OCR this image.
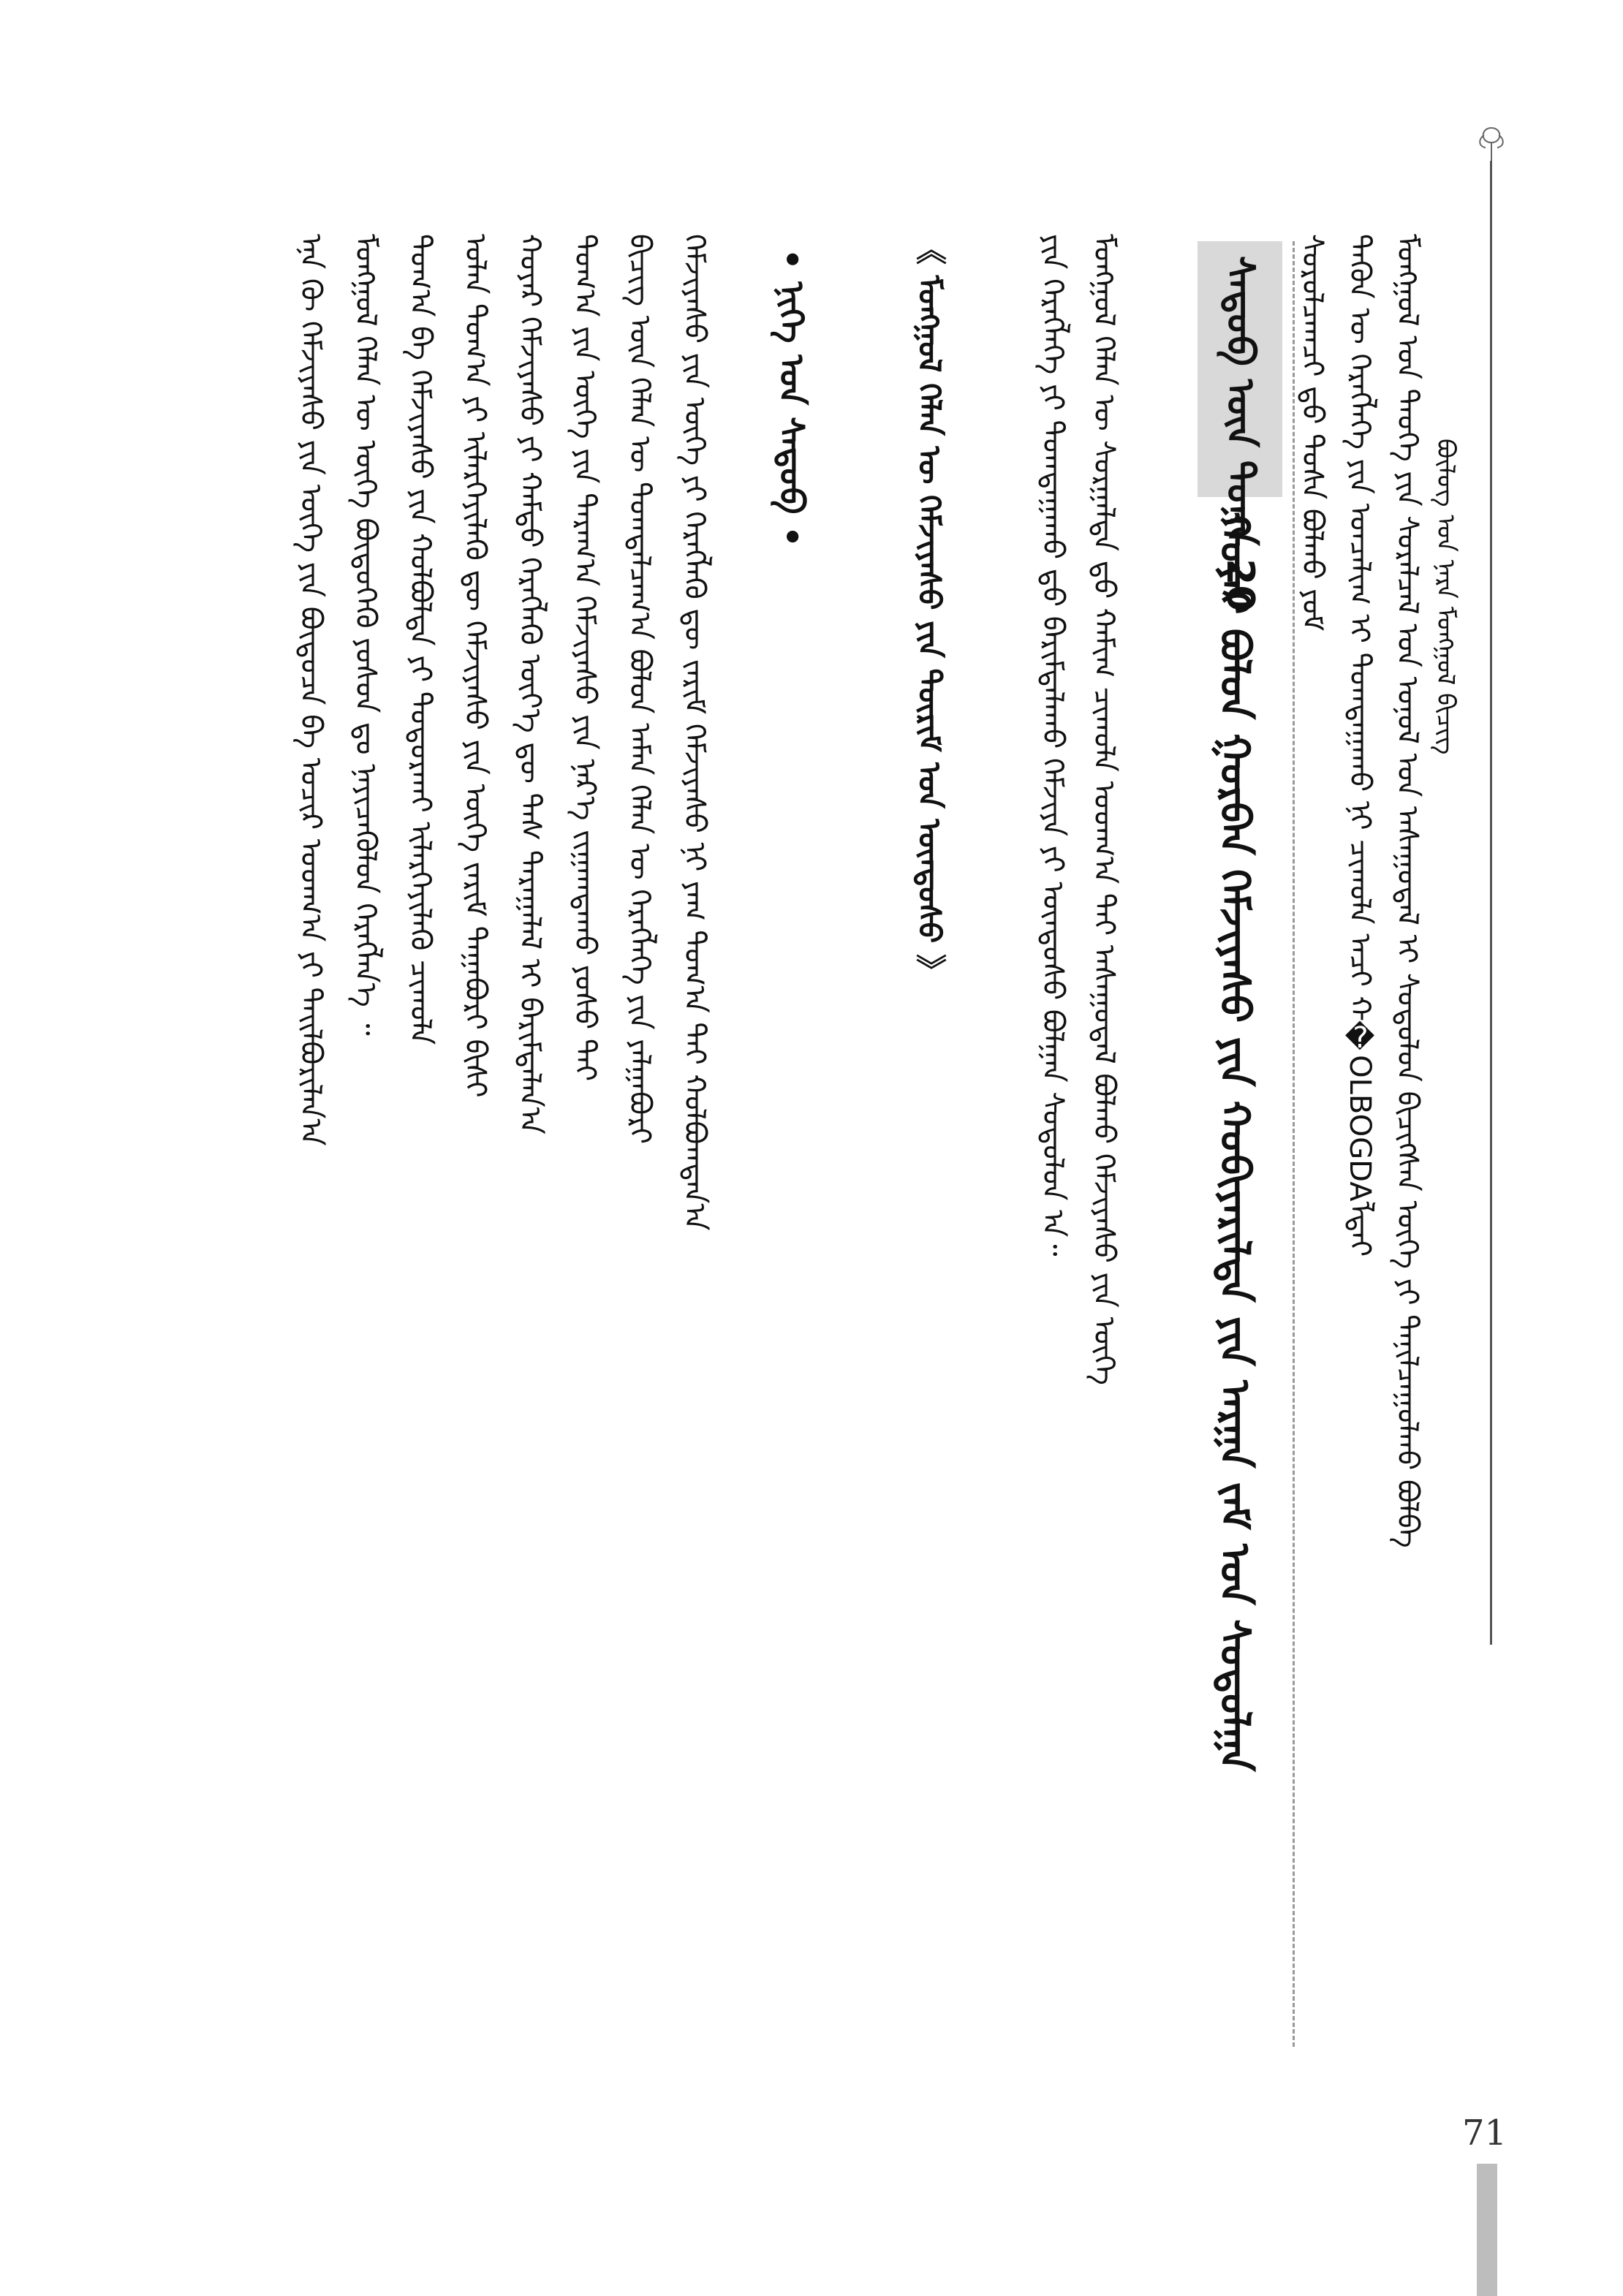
ᠪᠦᠯᠦᠭ ᠤᠨ ᠨᠡᠷᠡ ᠮᠣᠩᠭᠣᠯ ᠪᠢᠴᠢᠭ
ᠮᠣᠩᠭᠣᠯ ᠤᠨ ᠲᠡᠦᠬᠡ ᠶᠢᠨ ᠰᠤᠷᠠᠯᠴᠠᠯ ᠤᠨ ᠣᠨᠣᠯ ᠤᠨ ᠠᠰᠠᠭᠤᠳᠠᠯ ᠢ ᠰᠤᠳᠤᠯᠤᠨ ᠪᠢᠴᠢᠭᠰᠡᠨ ᠦᠭᠡ ᠶᠢ ᠲᠠᠨᠢᠯᠴᠠᠭᠤᠯᠬᠤ ᠪᠣᠯᠪᠠ
ᠲᠡᠭᠦᠨ ᠦ ᠬᠡᠷᠡᠭᠯᠡᠭᠡ ᠶᠢᠨ ᠣᠨᠴᠠᠯᠢᠭ ᠢ ᠲᠣᠭᠲᠠᠭᠠᠬᠤ ᠨᠢ ᠴᠢᠬᠤᠯᠠ ᠠᠴᠢ ᠬ�OLBOGDAᠯᠲᠠᠢ
ᠰᠤᠷᠤᠯᠴᠠᠭᠴᠢ ᠳ᠋ᠤ ᠲᠤᠰᠠ ᠪᠣᠯᠬᠤ ᠶᠤᠮ
ᠰᠡᠳᠦᠪ ᠦᠨ ᠲᠣᠭᠠ 20
ᠬᠣᠶᠠᠷ ᠪᠣᠯᠤᠨ ᠭᠤᠷᠪᠠᠨ ᠬᠡᠮᠵᠢᠶᠡᠰᠦ ᠶᠢᠨ ᠬᠤᠪᠢᠶᠠᠷᠢᠯᠲᠠ ᠶᠢᠨ ᠠᠷᠭᠠ ᠵᠠᠮ ᠤᠨ ᠰᠤᠳᠤᠯᠭᠠ
ᠮᠣᠩᠭᠣᠯ ᠬᠡᠯᠡᠨ ᠦ ᠰᠤᠷᠭᠠᠯᠲᠠ ᠳ᠋ᠤ ᠬᠠᠮᠢᠭ ᠴᠢᠬᠤᠯᠠ ᠤᠳᠬ᠎ᠠ ᠲᠠᠢ ᠠᠰᠠᠭᠤᠳᠠᠯ ᠪᠣᠯᠬᠤ ᠬᠡᠮᠵᠢᠶᠡᠰᠦ ᠶᠢᠨ ᠦᠭᠡ
ᠶᠢᠨ ᠬᠡᠷᠡᠭᠯᠡᠭᠡ ᠶᠢ ᠲᠣᠭᠲᠠᠭᠠᠬᠤ ᠳ᠋ᠤ ᠪᠠᠷᠢᠮᠲᠠᠯᠠᠬᠤ ᠬᠡᠮᠵᠢᠶᠡ ᠶᠢ ᠦᠨᠳᠦᠰᠦ ᠪᠣᠯᠭᠠᠨ ᠰᠤᠳᠤᠯᠤᠨ ᠠ᠃
《 ᠮᠣᠩᠭᠣᠯ ᠬᠡᠯᠡᠨ ᠦ ᠬᠡᠮᠵᠢᠶᠡᠰᠦ ᠶᠢᠨ ᠳᠦᠷᠢᠮ ᠤᠨ ᠦᠨᠳᠦᠰᠦ 》
• ᠨᠢᠭᠡ ᠤᠨ ᠰᠡᠳᠦᠪ •
ᠬᠡᠮᠵᠢᠶᠡᠰᠦ ᠶᠢᠨ ᠦᠭᠡ ᠶᠢ ᠬᠡᠷᠡᠭᠯᠡᠬᠦ ᠳᠦ ᠵᠠᠷᠢᠮ ᠬᠡᠮᠵᠢᠶᠡᠰᠦ ᠨᠢ ᠶᠠᠭ ᠲᠣᠭ᠎ᠠ ᠲᠠᠢ ᠬᠣᠯᠪᠣᠭᠳᠠᠨ᠎ᠠ
ᠪᠢᠴᠢᠭ ᠦᠨ ᠬᠡᠯᠡᠨ ᠦ ᠲᠣᠭᠲᠠᠯᠴᠠᠭ᠎ᠠ ᠪᠣᠯᠤᠨ ᠠᠮᠠᠨ ᠬᠡᠯᠡᠨ ᠦ ᠬᠡᠷᠡᠭᠯᠡᠭᠡ ᠶᠢᠨ ᠶᠠᠯᠭᠠᠪᠣᠷᠢ
ᠲᠣᠭ᠎ᠠ ᠶᠢᠨ ᠦᠭᠡ ᠶᠢᠨ ᠳᠠᠷᠠᠭ᠎ᠠ ᠬᠡᠮᠵᠢᠶᠡᠰᠦ ᠶᠢᠨ ᠨᠡᠷ᠎ᠡ ᠵᠢᠭᠠᠭᠳᠠᠬᠤ ᠶᠣᠰᠣ ᠲᠠᠢ
ᠬᠣᠶᠠᠷ ᠬᠡᠮᠵᠢᠶᠡᠰᠦ ᠶᠢ ᠬᠠᠮᠲᠤ ᠬᠡᠷᠡᠭᠯᠡᠬᠦ ᠦᠶ᠎ᠡ ᠳᠦ ᠳᠡᠰ ᠳᠠᠷᠠᠭᠠᠯᠠᠯ ᠢ ᠪᠠᠷᠢᠮᠲᠠᠯᠠᠨ᠎ᠠ
ᠣᠯᠠᠨ ᠲᠣᠭ᠎ᠠ ᠶᠢ ᠢᠯᠡᠷᠬᠡᠶᠢᠯᠡᠬᠦ ᠳᠦ ᠬᠡᠮᠵᠢᠶᠡᠰᠦ ᠶᠢᠨ ᠦᠭᠡ ᠵᠠᠷᠢᠮ ᠳᠠᠭᠠᠪᠤᠷᠢ ᠪᠢᠰᠢ
ᠲᠣᠭ᠎ᠠ ᠪᠠ ᠬᠡᠮᠵᠢᠶᠡᠰᠦ ᠶᠢᠨ ᠬᠣᠯᠪᠣᠯᠲᠠ ᠶᠢ ᠲᠣᠳᠣᠷᠬᠠᠢ ᠢᠯᠡᠷᠬᠡᠶᠢᠯᠡᠬᠦ ᠴᠢᠬᠤᠯᠠ
ᠮᠣᠩᠭᠣᠯ ᠬᠡᠯᠡᠨ ᠦ ᠦᠭᠡ ᠪᠦᠲᠦᠭᠡᠬᠦ ᠶᠣᠰᠣᠨ ᠳᠤ ᠨᠡᠶᠢᠴᠡᠭᠦᠯᠦᠨ ᠬᠡᠷᠡᠭᠯᠡᠨ᠎ᠡ ᠃
ᠡᠨᠡ ᠬᠦ ᠬᠡᠮᠵᠢᠶᠡᠰᠦ ᠶᠢᠨ ᠦᠭᠡ ᠶᠢᠨ ᠪᠦᠲᠦᠴᠡ ᠪᠠ ᠤᠴᠢᠷ ᠤᠳᠬ᠎ᠠ ᠶᠢ ᠲᠠᠢᠯᠪᠤᠷᠢᠯᠠᠨ᠎ᠠ
71
